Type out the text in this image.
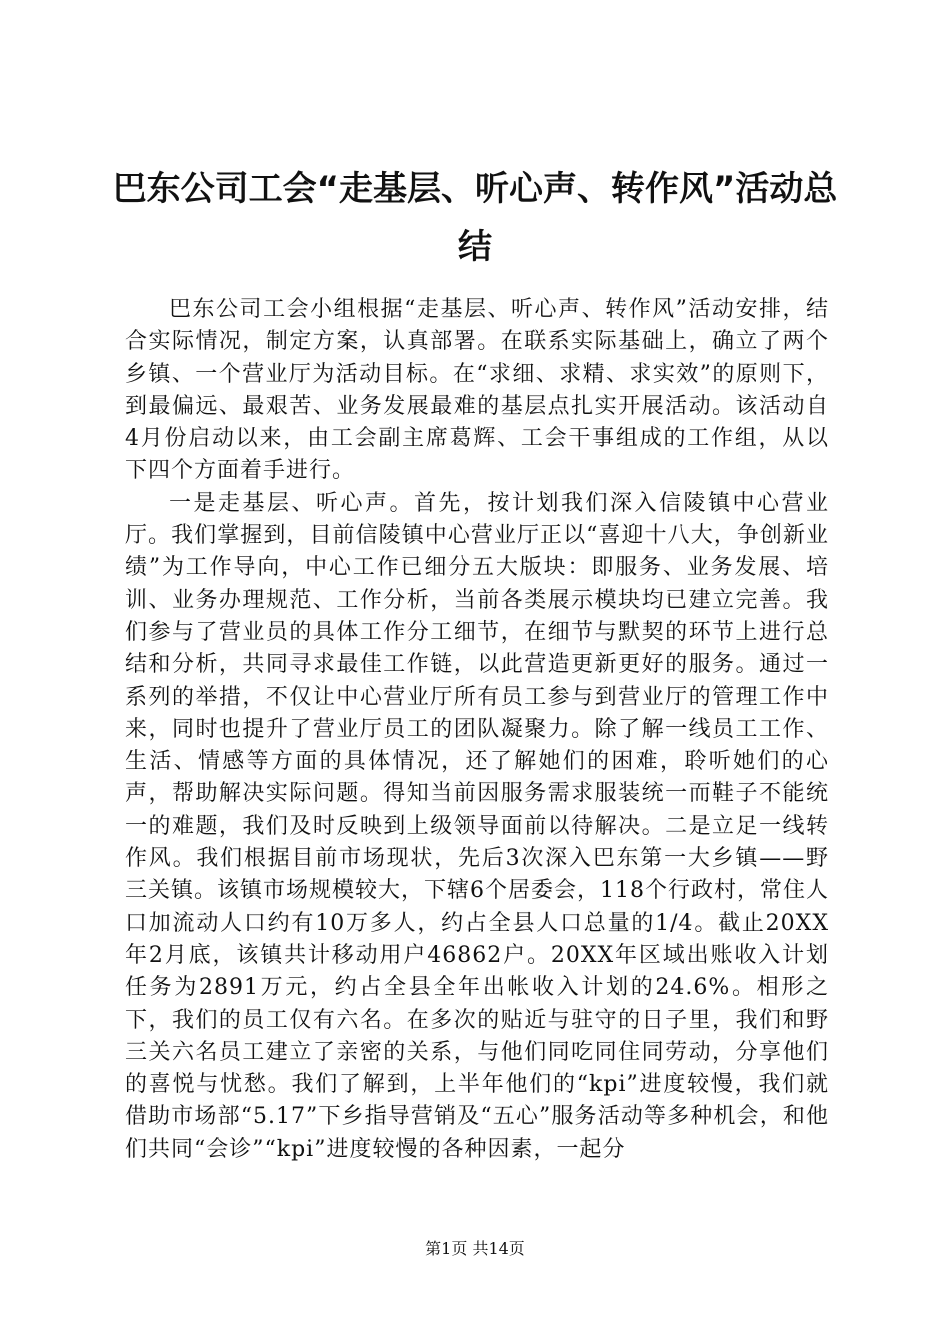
巴东公司工会“走基层、听心声、转作风”活动总结

巴东公司工会小组根据“走基层、听心声、转作风”活动安排，结合实际情况，制定方案，认真部署。在联系实际基础上，确立了两个乡镇、一个营业厅为活动目标。在“求细、求精、求实效”的原则下，到最偏远、最艰苦、业务发展最难的基层点扎实开展活动。该活动自4月份启动以来，由工会副主席葛辉、工会干事组成的工作组，从以下四个方面着手进行。

一是走基层、听心声。首先，按计划我们深入信陵镇中心营业厅。我们掌握到，目前信陵镇中心营业厅正以“喜迎十八大，争创新业绩”为工作导向，中心工作已细分五大版块：即服务、业务发展、培训、业务办理规范、工作分析，当前各类展示模块均已建立完善。我们参与了营业员的具体工作分工细节，在细节与默契的环节上进行总结和分析，共同寻求最佳工作链，以此营造更新更好的服务。通过一系列的举措，不仅让中心营业厅所有员工参与到营业厅的管理工作中来，同时也提升了营业厅员工的团队凝聚力。除了解一线员工工作、生活、情感等方面的具体情况，还了解她们的困难，聆听她们的心声，帮助解决实际问题。得知当前因服务需求服装统一而鞋子不能统一的难题，我们及时反映到上级领导面前以待解决。二是立足一线转作风。我们根据目前市场现状，先后3次深入巴东第一大乡镇——野三关镇。该镇市场规模较大，下辖6个居委会，118个行政村，常住人口加流动人口约有10万多人，约占全县人口总量的1/4。截止20XX年2月底，该镇共计移动用户46862户。20XX年区域出账收入计划任务为2891万元，约占全县全年出帐收入计划的24.6%。相形之下，我们的员工仅有六名。在多次的贴近与驻守的日子里，我们和野三关六名员工建立了亲密的关系，与他们同吃同住同劳动，分享他们的喜悦与忧愁。我们了解到，上半年他们的“kpi”进度较慢，我们就借助市场部“5.17”下乡指导营销及“五心”服务活动等多种机会，和他们共同“会诊”“kpi”进度较慢的各种因素，一起分

第1页 共14页
